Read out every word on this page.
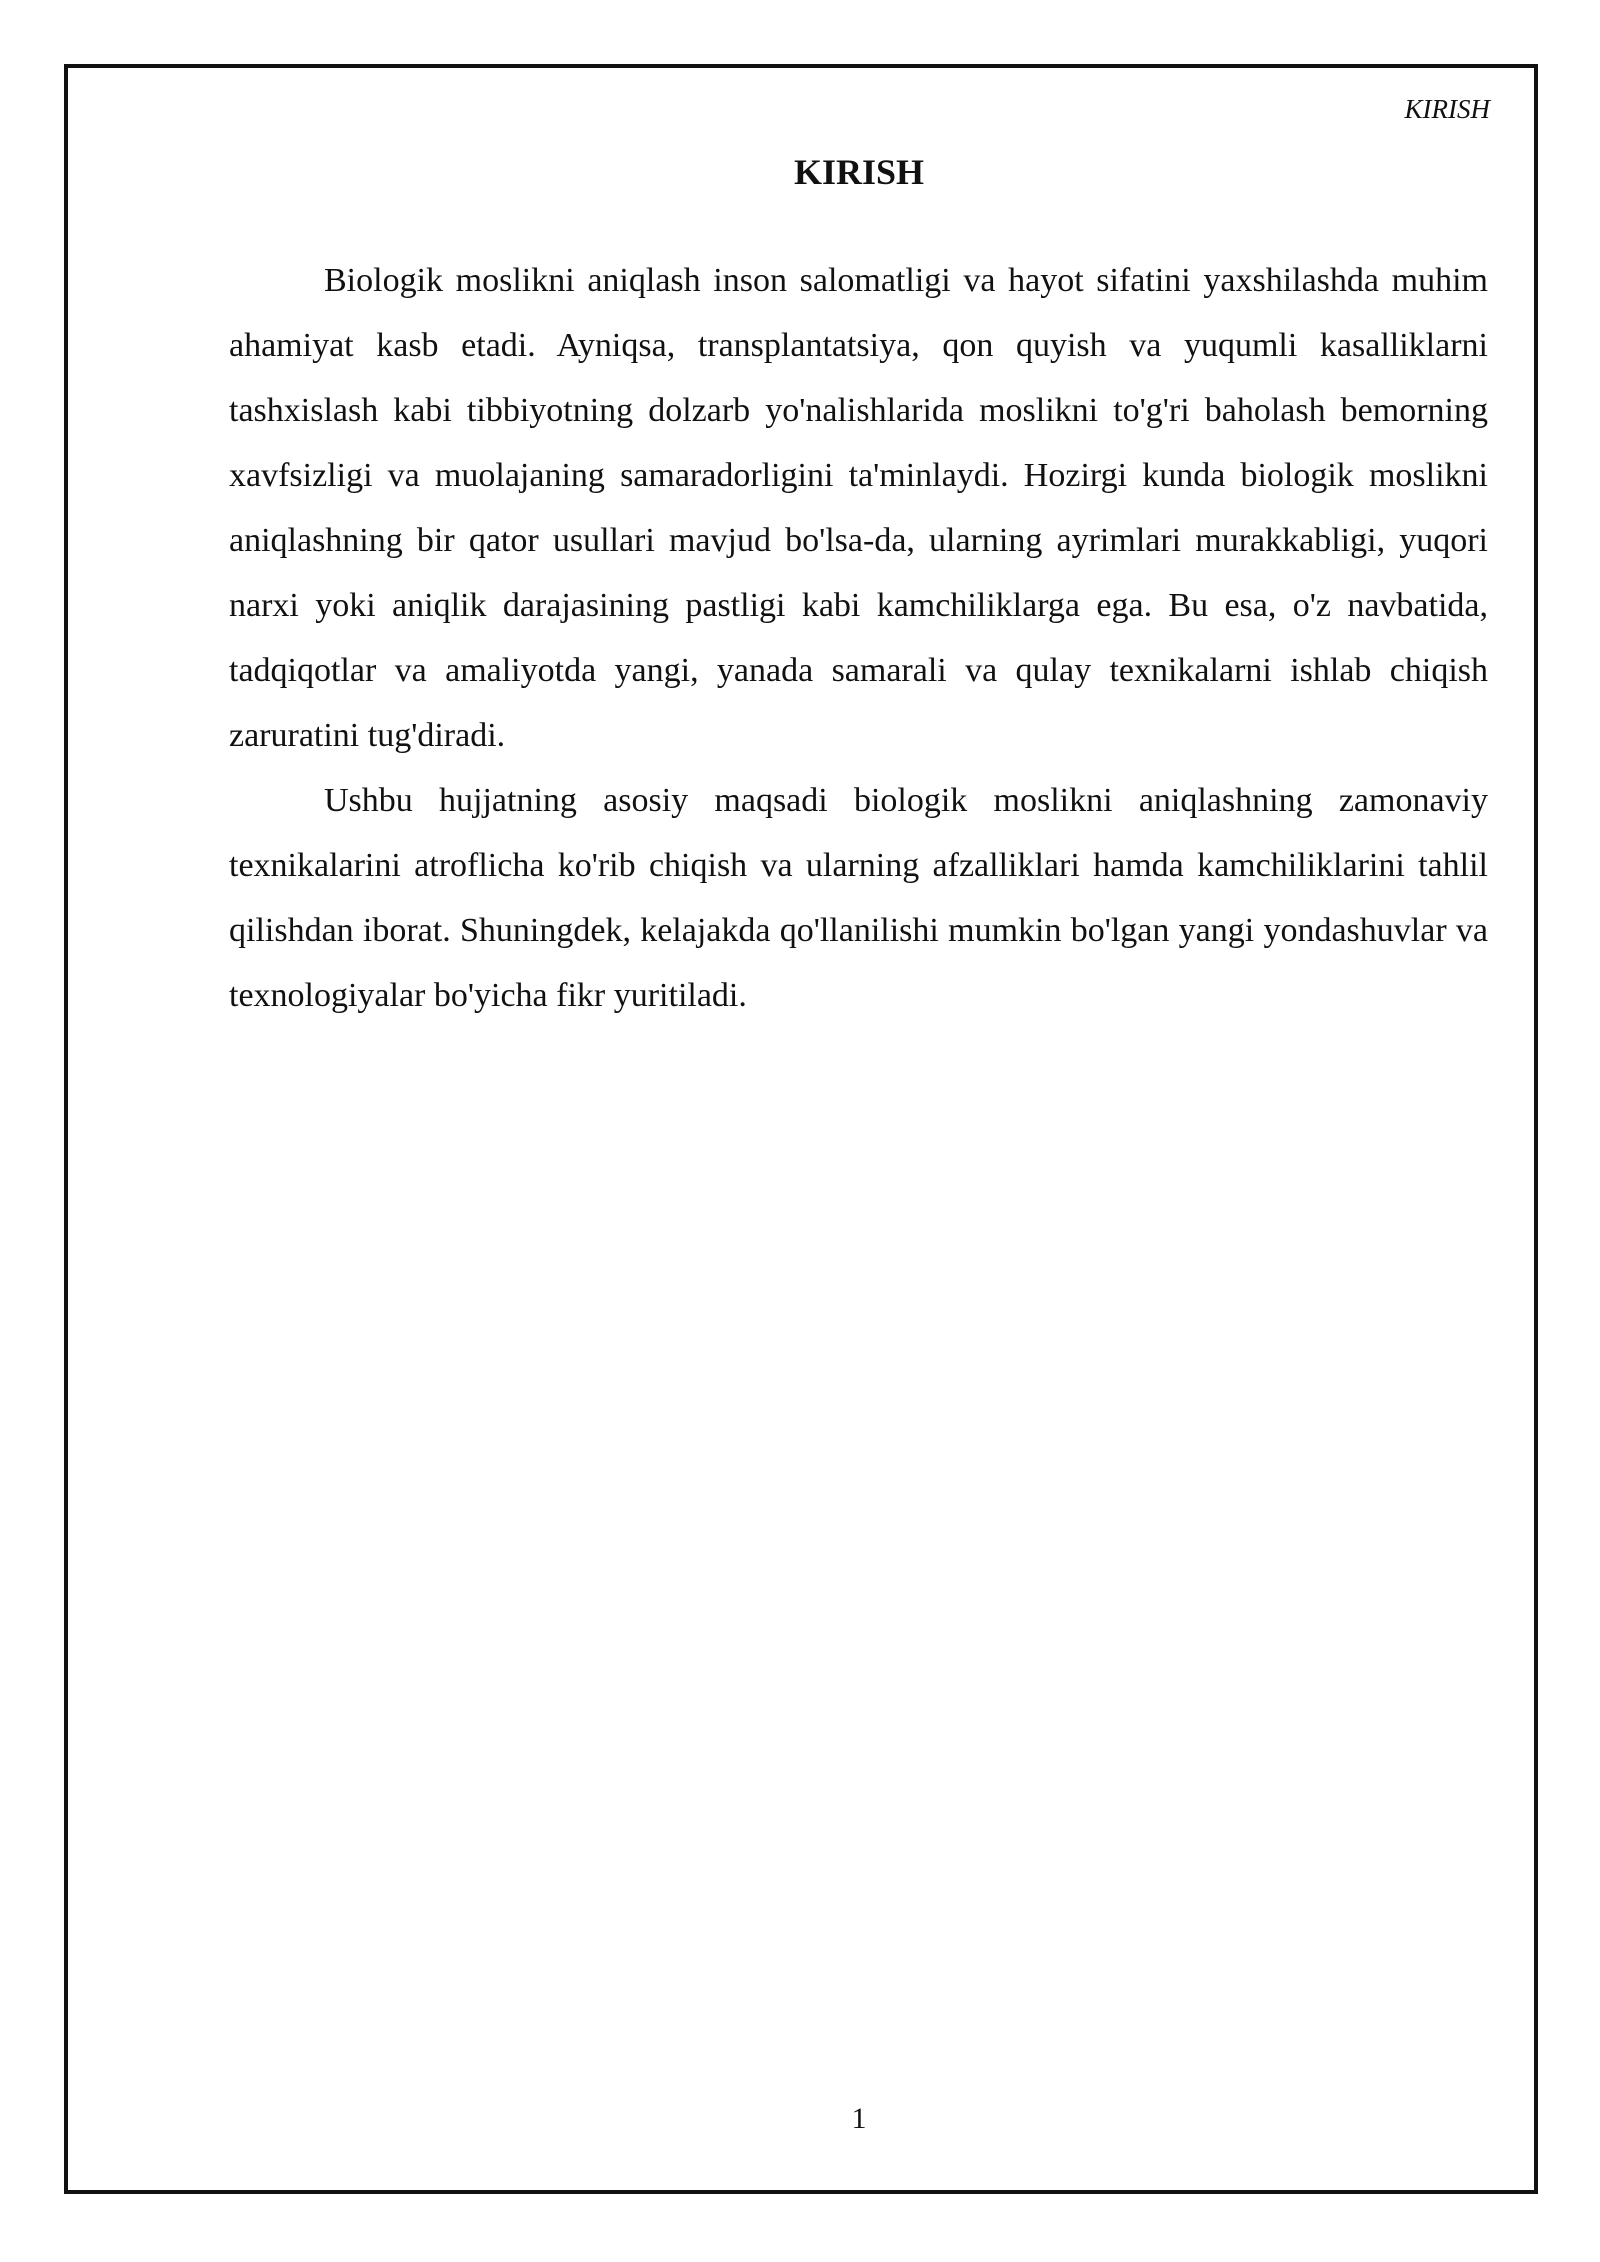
KIRISH
KIRISH

Biologik moslikni aniqlash inson salomatligi va hayot sifatini yaxshilashda muhim ahamiyat kasb etadi. Ayniqsa, transplantatsiya, qon quyish va yuqumli kasalliklarni tashxislash kabi tibbiyotning dolzarb yo'nalishlarida moslikni to'g'ri baholash bemorning xavfsizligi va muolajaning samaradorligini ta'minlaydi. Hozirgi kunda biologik moslikni aniqlashning bir qator usullari mavjud bo'lsa-da, ularning ayrimlari murakkabligi, yuqori narxi yoki aniqlik darajasining pastligi kabi kamchiliklarga ega. Bu esa, o'z navbatida, tadqiqotlar va amaliyotda yangi, yanada samarali va qulay texnikalarni ishlab chiqish zaruratini tug'diradi.

Ushbu hujjatning asosiy maqsadi biologik moslikni aniqlashning zamonaviy texnikalarini atroflicha ko'rib chiqish va ularning afzalliklari hamda kamchiliklarini tahlil qilishdan iborat. Shuningdek, kelajakda qo'llanilishi mumkin bo'lgan yangi yondashuvlar va texnologiyalar bo'yicha fikr yuritiladi.

1
